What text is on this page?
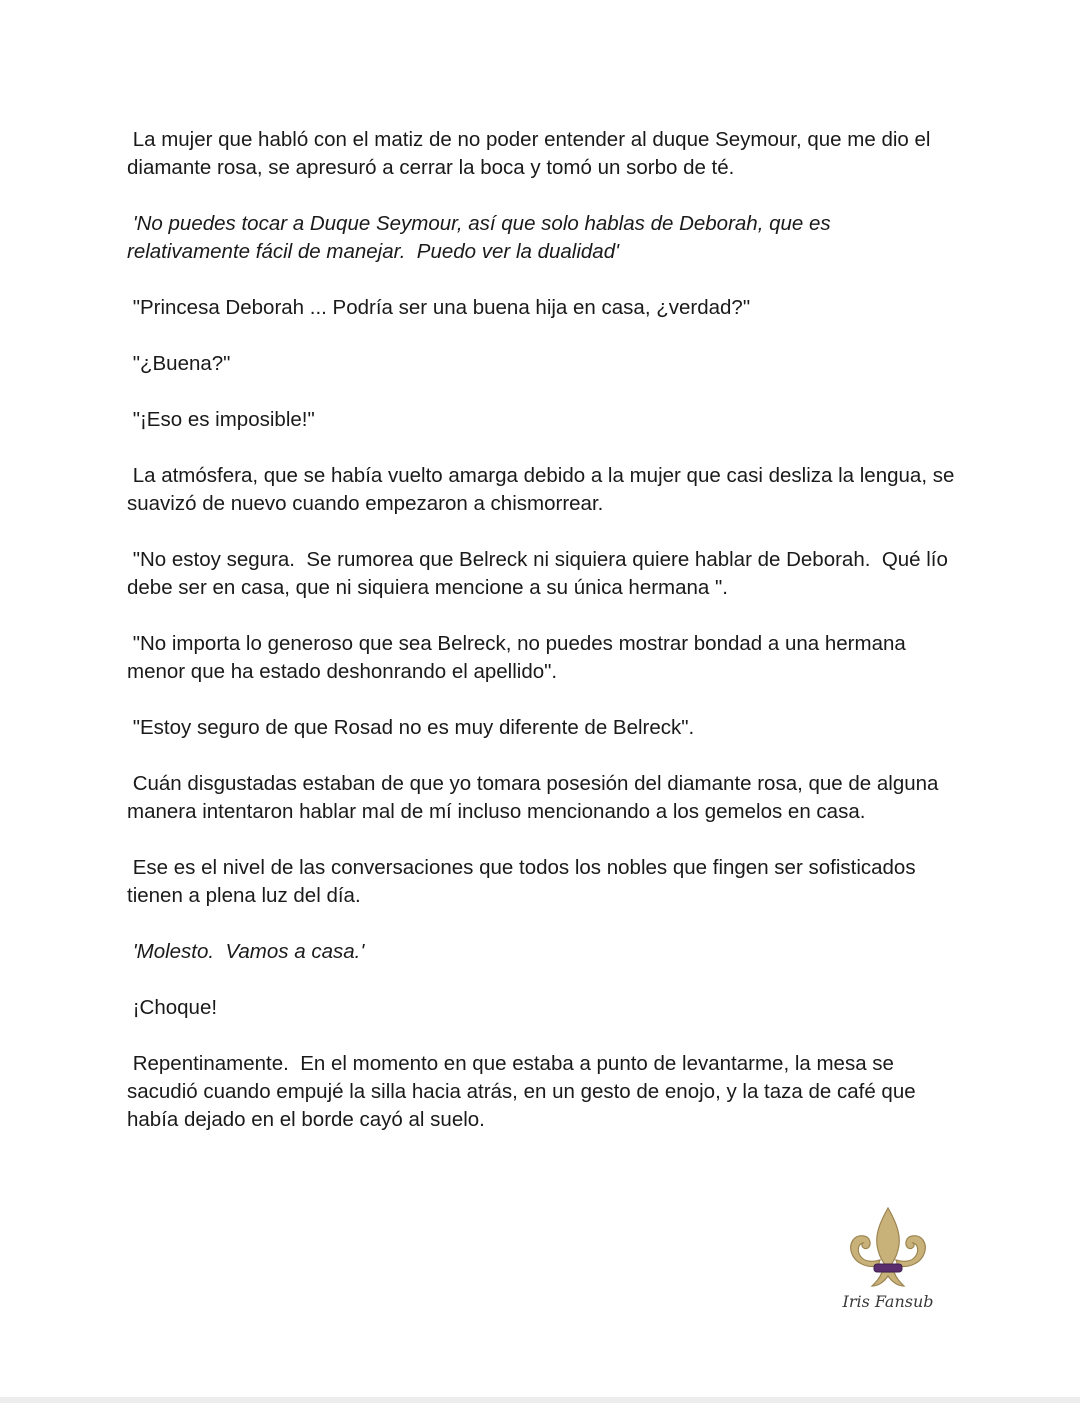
La mujer que habló con el matiz de no poder entender al duque Seymour, que me dio el diamante rosa, se apresuró a cerrar la boca y tomó un sorbo de té.

'No puedes tocar a Duque Seymour, así que solo hablas de Deborah, que es relativamente fácil de manejar.  Puedo ver la dualidad'

"Princesa Deborah ... Podría ser una buena hija en casa, ¿verdad?"

"¿Buena?"

"¡Eso es imposible!"

La atmósfera, que se había vuelto amarga debido a la mujer que casi desliza la lengua, se suavizó de nuevo cuando empezaron a chismorrear.

"No estoy segura.  Se rumorea que Belreck ni siquiera quiere hablar de Deborah.  Qué lío debe ser en casa, que ni siquiera mencione a su única hermana ".

"No importa lo generoso que sea Belreck, no puedes mostrar bondad a una hermana menor que ha estado deshonrando el apellido".

"Estoy seguro de que Rosad no es muy diferente de Belreck".

Cuán disgustadas estaban de que yo tomara posesión del diamante rosa, que de alguna manera intentaron hablar mal de mí incluso mencionando a los gemelos en casa.

Ese es el nivel de las conversaciones que todos los nobles que fingen ser sofisticados tienen a plena luz del día.

'Molesto.  Vamos a casa.'

¡Choque!

Repentinamente.  En el momento en que estaba a punto de levantarme, la mesa se sacudió cuando empujé la silla hacia atrás, en un gesto de enojo, y la taza de café que había dejado en el borde cayó al suelo.

Iris Fansub
